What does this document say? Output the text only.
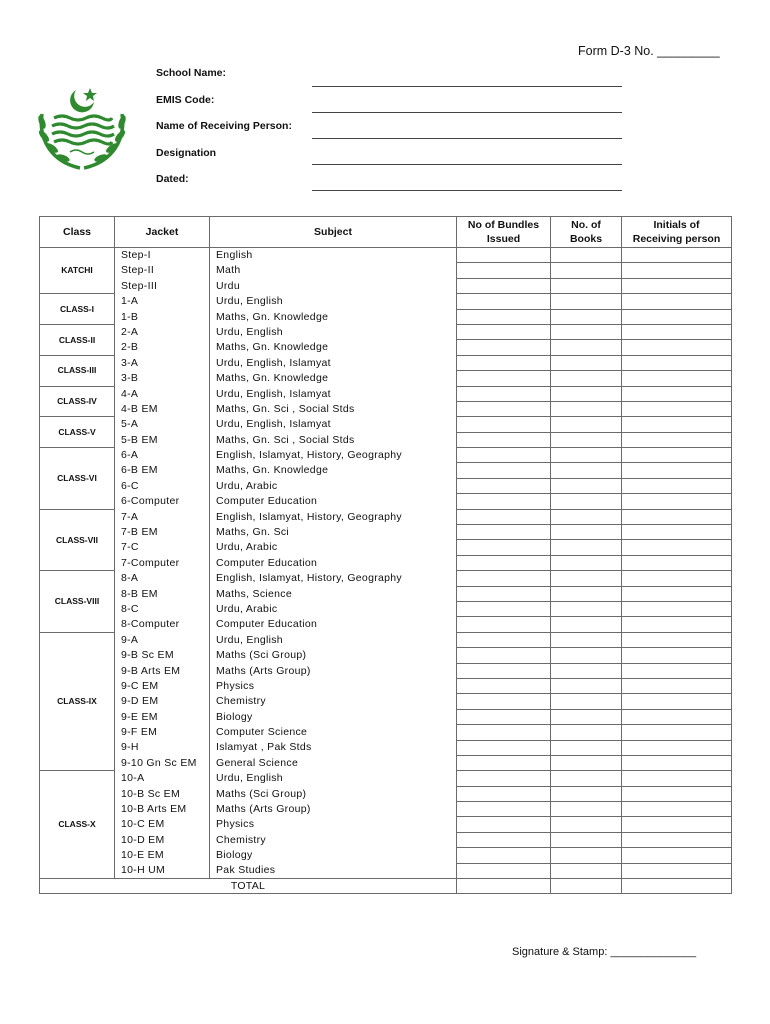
Form D-3 No. _________
School Name:
EMIS Code:
Name of Receiving Person:
Designation
Dated:
Class	Jacket	Subject	No of Bundles Issued	No. of Books	Initials of Receiving person
KATCHI	Step-I	English			
	Step-II	Math			
	Step-III	Urdu			
CLASS-I	1-A	Urdu, English			
	1-B	Maths, Gn. Knowledge			
CLASS-II	2-A	Urdu, English			
	2-B	Maths, Gn. Knowledge			
CLASS-III	3-A	Urdu, English, Islamyat			
	3-B	Maths, Gn. Knowledge			
CLASS-IV	4-A	Urdu, English, Islamyat			
	4-B EM	Maths, Gn. Sci , Social Stds			
CLASS-V	5-A	Urdu, English, Islamyat			
	5-B EM	Maths, Gn. Sci , Social Stds			
CLASS-VI	6-A	English, Islamyat, History, Geography			
	6-B EM	Maths, Gn. Knowledge			
	6-C	Urdu, Arabic			
	6-Computer	Computer Education			
CLASS-VII	7-A	English, Islamyat, History, Geography			
	7-B EM	Maths, Gn. Sci			
	7-C	Urdu, Arabic			
	7-Computer	Computer Education			
CLASS-VIII	8-A	English, Islamyat, History, Geography			
	8-B EM	Maths, Science			
	8-C	Urdu, Arabic			
	8-Computer	Computer Education			
CLASS-IX	9-A	Urdu, English			
	9-B Sc EM	Maths (Sci Group)			
	9-B Arts EM	Maths (Arts Group)			
	9-C EM	Physics			
	9-D EM	Chemistry			
	9-E EM	Biology			
	9-F EM	Computer Science			
	9-H	Islamyat , Pak Stds			
	9-10 Gn Sc EM	General Science			
CLASS-X	10-A	Urdu, English			
	10-B Sc EM	Maths (Sci Group)			
	10-B Arts EM	Maths (Arts Group)			
	10-C EM	Physics			
	10-D EM	Chemistry			
	10-E EM	Biology			
	10-H UM	Pak Studies			
TOTAL					
Signature & Stamp: ______________
